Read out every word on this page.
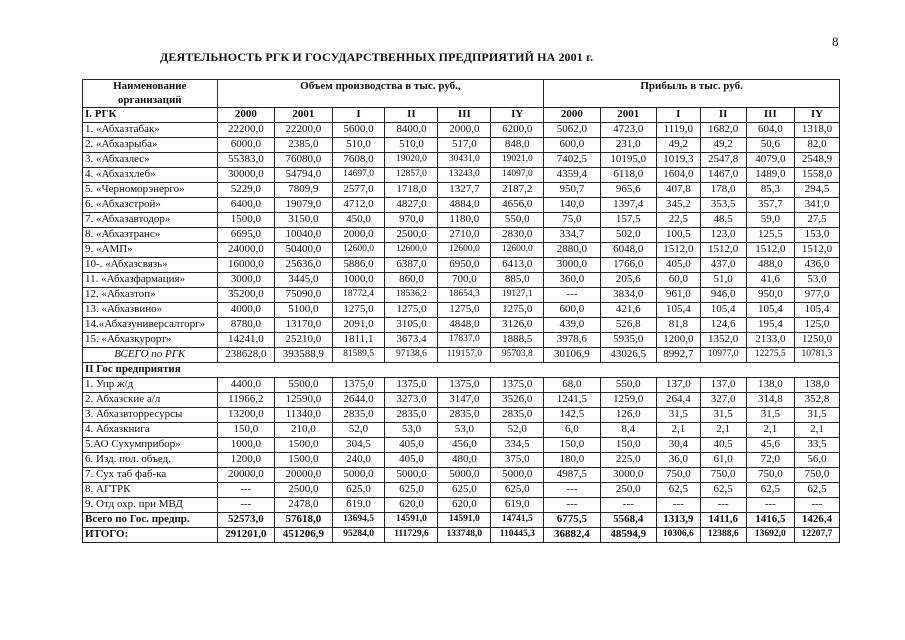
8
ДЕЯТЕЛЬНОСТЬ РГК И ГОСУДАРСТВЕННЫХ ПРЕДПРИЯТИЙ НА 2001 г.
Наименование организаций	Объем производства в тыс. руб.,						Прибыль в тыс. руб.					
I. РГК	2000	2001	I	II	III	IY	2000	2001	I	II	III	IY
1. «Абхазтабак»	22200,0	22200,0	5600,0	8400,0	2000,0	6200,0	5062,0	4723,0	1119,0	1682,0	604,0	1318,0
2. «Абхазрыба»	6000,0	2385,0	510,0	510,0	517,0	848,0	600,0	231,0	49,2	49,2	50,6	82,0
3. «Абхазлес»	55383,0	76080,0	7608,0	19020,0	30431,0	19021,0	7402,5	10195,0	1019,3	2547,8	4079,0	2548,9
4. «Абхазхлеб»	30000,0	54794,0	14697,0	12857,0	13243,0	14097,0	4359,4	6118,0	1604,0	1467,0	1489,0	1558,0
5. «Черноморэнерго»	5229,0	7809,9	2577,0	1718,0	1327,7	2187,2	950,7	965,6	407,8	178,0	85,3	294,5
6. «Абхазстрой»	6400,0	19079,0	4712,0	4827,0	4884,0	4656,0	140,0	1397,4	345,2	353,5	357,7	341,0
7. «Абхазавтодор»	1500,0	3150,0	450,0	970,0	1180,0	550,0	75,0	157,5	22,5	48,5	59,0	27,5
8. «Абхазтранс»	6695,0	10040,0	2000,0	2500,0	2710,0	2830,0	334,7	502,0	100,5	123,0	125,5	153,0
9. «АМП»	24000,0	50400,0	12600,0	12600,0	12600,0	12600,0	2880,0	6048,0	1512,0	1512,0	1512,0	1512,0
10-. «Абхазсвязь»	16000,0	25636,0	5886,0	6387,0	6950,0	6413,0	3000,0	1766,0	405,0	437,0	488,0	436,0
11. «Абхазфармация»	3000,0	3445,0	1000,0	860,0	700,0	885,0	360,0	205,6	60,0	51,0	41,6	53,0
12. «Абхазтоп»	35200,0	75090,0	18772,4	18536,2	18654,3	19127,1	---	3834,0	961,0	946,0	950,0	977,0
13. «Абхазвино»	4000,0	5100,0	1275,0	1275,0	1275,0	1275,0	600,0	421,6	105,4	105,4	105,4	105,4
14.«Абхазуниверсалторг»	8780,0	13170,0	2091,0	3105,0	4848,0	3126,0	439,0	526,8	81,8	124,6	195,4	125,0
15. «Абхазкурорт»	14241,0	25210,0	1811,1	3673,4	17837,0	1888,5	3978,6	5935,0	1200,0	1352,0	2133,0	1250,0
ВСЕГО по РГК	238628,0	393588,9	81589,5	97138,6	119157,0	95703,8	30106,9	43026,5	8992,7	10977,0	12275,5	10781,3
II Гос предприятия												
1. Упр ж/д	4400,0	5500,0	1375,0	1375,0	1375,0	1375,0	68,0	550,0	137,0	137,0	138,0	138,0
2. Абхазские а/л	11966,2	12590,0	2644,0	3273,0	3147,0	3526,0	1241,5	1259,0	264,4	327,0	314,8	352,8
3. Абхазвторресурсы	13200,0	11340,0	2835,0	2835,0	2835,0	2835,0	142,5	126,0	31,5	31,5	31,5	31,5
4. Абхазкнига	150,0	210,0	52,0	53,0	53,0	52,0	6,0	8,4	2,1	2,1	2,1	2,1
5.АО Сухумприбор»	1000,0	1500,0	304,5	405,0	456,0	334,5	150,0	150,0	30,4	40,5	45,6	33,5
6. Изд. пол. объед.	1200,0	1500,0	240,0	405,0	480,0	375,0	180,0	225,0	36,0	61,0	72,0	56,0
7. Сух таб фаб-ка	20000,0	20000,0	5000,0	5000,0	5000,0	5000,0	4987,5	3000,0	750,0	750,0	750,0	750,0
8. АГТРК	---	2500,0	625,0	625,0	625,0	625,0	---	250,0	62,5	62,5	62,5	62,5
9. Отд охр. при МВД	---	2478,0	619,0	620,0	620,0	619,0	---	---	---	---	---	---
Всего по Гос. предпр.	52573,0	57618,0	13694,5	14591,0	14591,0	14741,5	6775,5	5568,4	1313,9	1411,6	1416,5	1426,4
ИТОГО:	291201,0	451206,9	95284,0	111729,6	133748,0	110445,3	36882,4	48594,9	10306,6	12388,6	13692,0	12207,7
